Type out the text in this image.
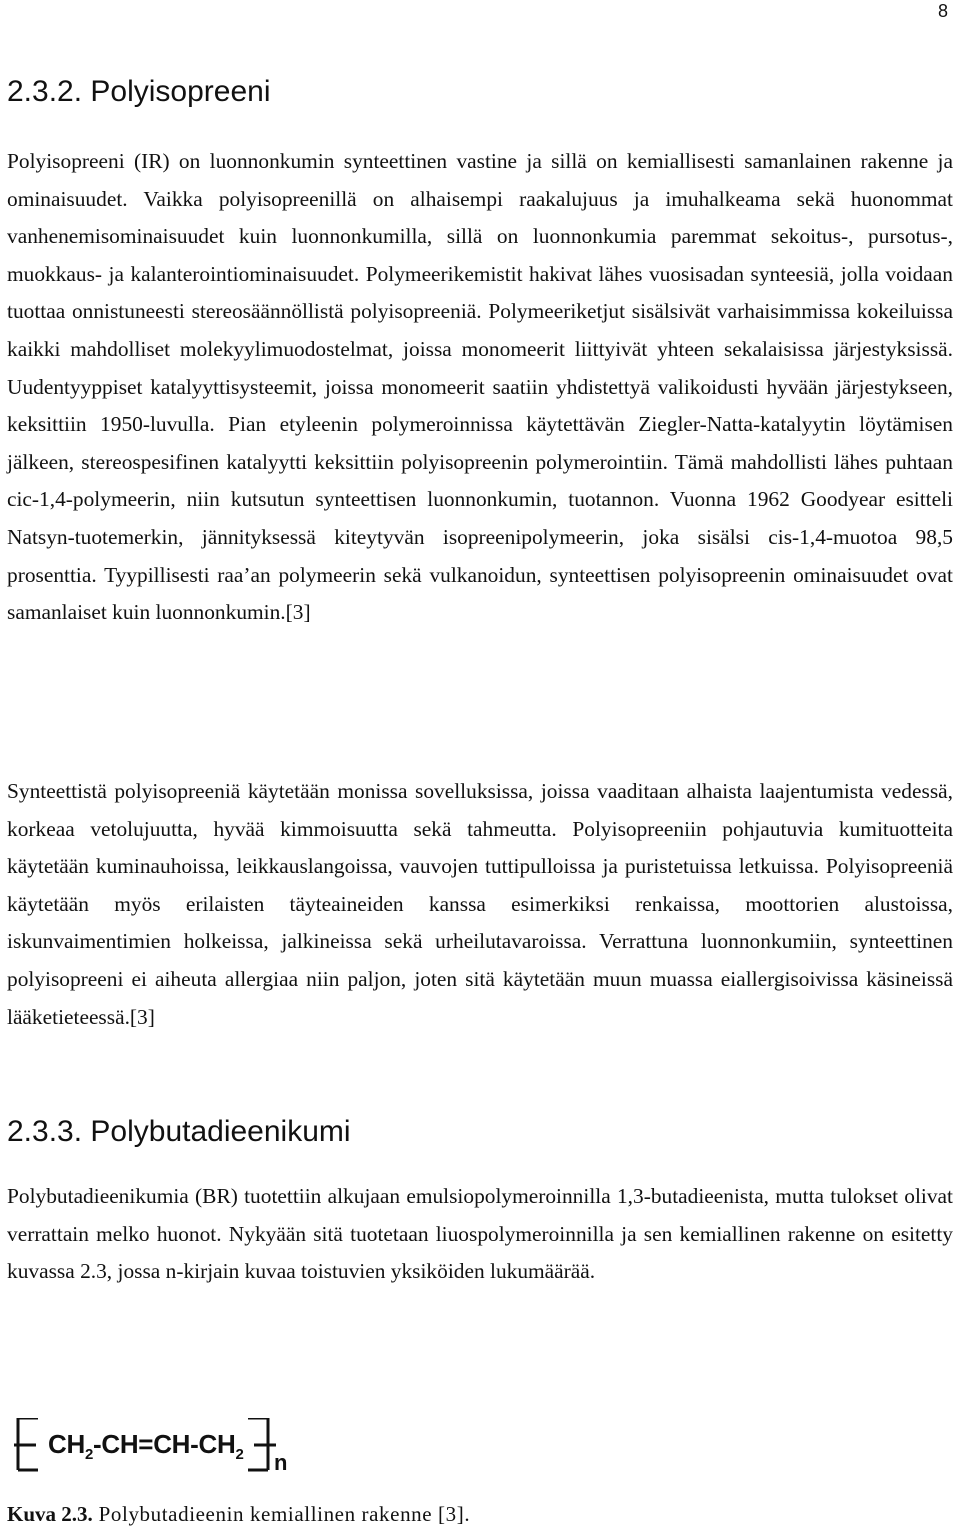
8
2.3.2. Polyisopreeni

Polyisopreeni (IR) on luonnonkumin synteettinen vastine ja sillä on kemiallisesti samanlainen rakenne ja ominaisuudet. Vaikka polyisopreenillä on alhaisempi raakalujuus ja imuhalkeama sekä huonommat vanhenemisominaisuudet kuin luonnonkumilla, sillä on luonnonkumia paremmat sekoitus-, pursotus-, muokkaus- ja kalanterointiominaisuudet. Polymeerikemistit hakivat lähes vuosisadan synteesiä, jolla voidaan tuottaa onnistuneesti stereosäännöllistä polyisopreeniä. Polymeeriketjut sisälsivät varhaisimmissa kokeiluissa kaikki mahdolliset molekyylimuodostelmat, joissa monomeerit liittyivät yhteen sekalaisissa järjestyksissä. Uudentyyppiset katalyyttisysteemit, joissa monomeerit saatiin yhdistettyä valikoidusti hyvään järjestykseen, keksittiin 1950-luvulla. Pian etyleenin polymeroinnissa käytettävän Ziegler-Natta-katalyytin löytämisen jälkeen, stereospesifinen katalyytti keksittiin polyisopreenin polymerointiin. Tämä mahdollisti lähes puhtaan cic-1,4-polymeerin, niin kutsutun synteettisen luonnonkumin, tuotannon. Vuonna 1962 Goodyear esitteli Natsyn-tuotemerkin, jännityksessä kiteytyvän isopreenipolymeerin, joka sisälsi cis-1,4-muotoa 98,5 prosenttia. Tyypillisesti raa’an polymeerin sekä vulkanoidun, synteettisen polyisopreenin ominaisuudet ovat samanlaiset kuin luonnonkumin.[3]

Synteettistä polyisopreeniä käytetään monissa sovelluksissa, joissa vaaditaan alhaista laajentumista vedessä, korkeaa vetolujuutta, hyvää kimmoisuutta sekä tahmeutta. Polyisopreeniin pohjautuvia kumituotteita käytetään kuminauhoissa, leikkauslangoissa, vauvojen tuttipulloissa ja puristetuissa letkuissa. Polyisopreeniä käytetään myös erilaisten täyteaineiden kanssa esimerkiksi renkaissa, moottorien alustoissa, iskunvaimentimien holkeissa, jalkineissa sekä urheilutavaroissa. Verrattuna luonnonkumiin, synteettinen polyisopreeni ei aiheuta allergiaa niin paljon, joten sitä käytetään muun muassa eiallergisoivissa käsineissä lääketieteessä.[3]

2.3.3. Polybutadieenikumi

Polybutadieenikumia (BR) tuotettiin alkujaan emulsiopolymeroinnilla 1,3-butadieenista, mutta tulokset olivat verrattain melko huonot. Nykyään sitä tuotetaan liuospolymeroinnilla ja sen kemiallinen rakenne on esitetty kuvassa 2.3, jossa n-kirjain kuvaa toistuvien yksiköiden lukumäärää.

$CH_2-CH=CH-CH_2$ n
Kuva 2.3. Polybutadieenin kemiallinen rakenne [3].
